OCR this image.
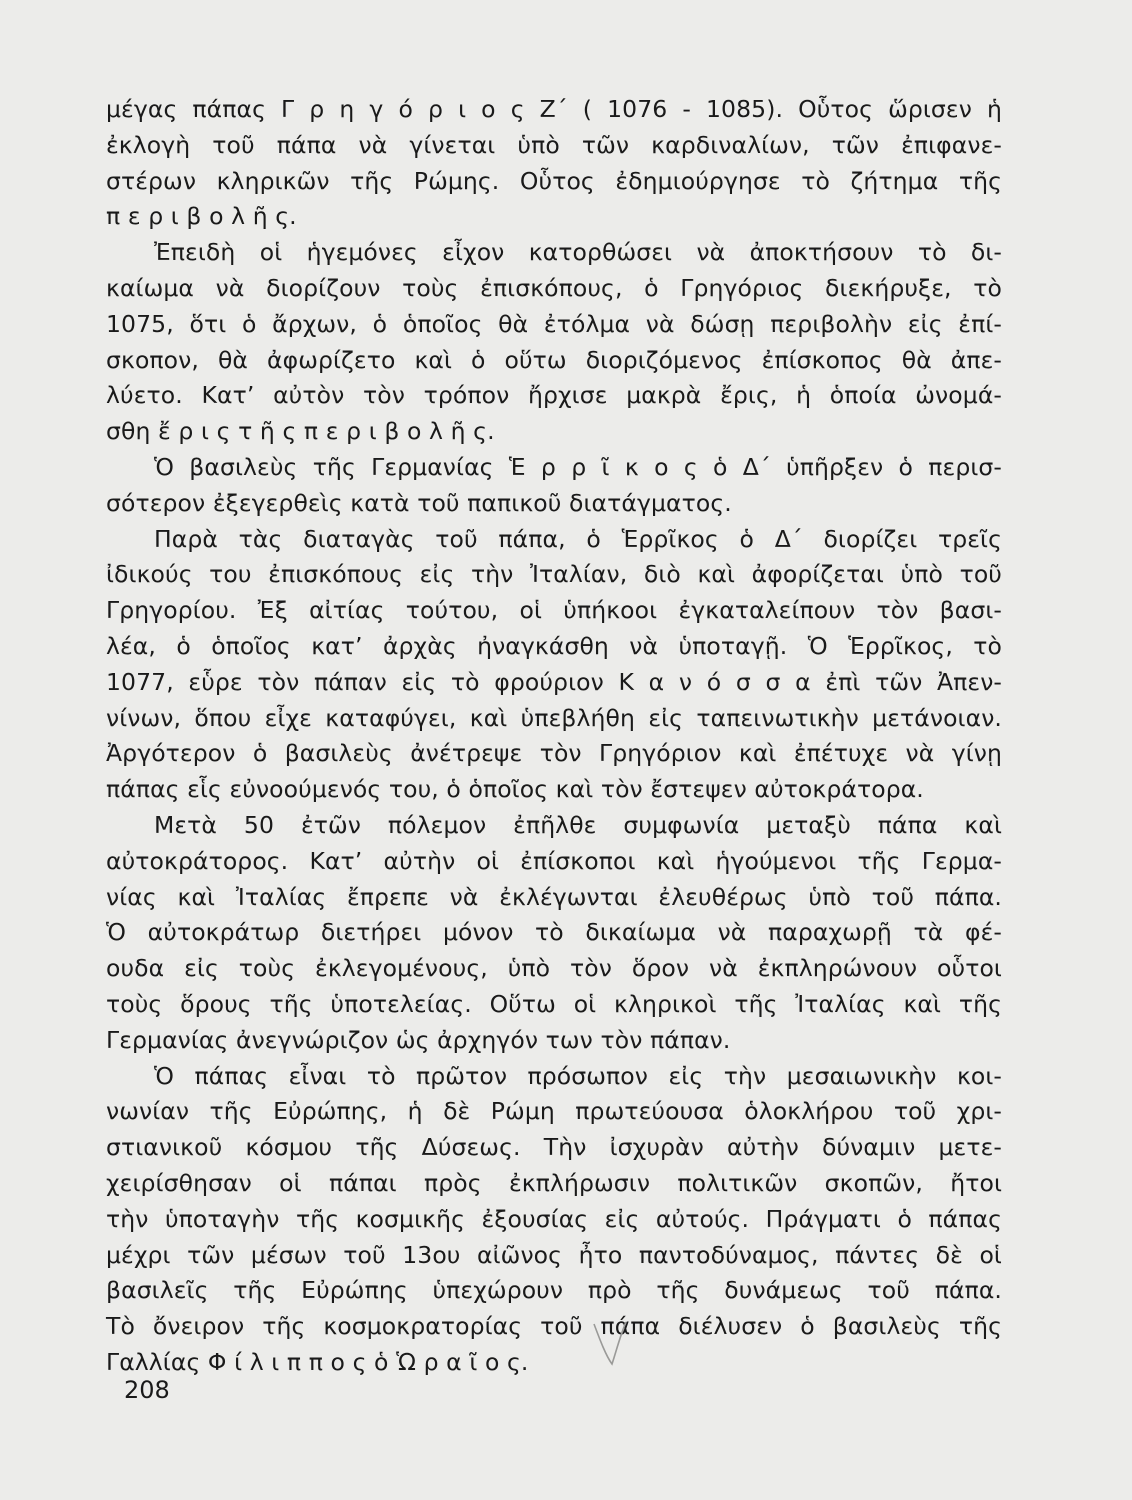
μέγας πάπας Γ ρ η γ ό ρ ι ο ς Ζ΄ ( 1076 - 1085). Οὗτος ὥρισεν ἡ
ἐκλογὴ τοῦ πάπα νὰ γίνεται ὑπὸ τῶν καρδιναλίων, τῶν ἐπιφανε-
στέρων κληρικῶν τῆς Ρώμης. Οὗτος ἐδημιούργησε τὸ ζήτημα τῆς
π ε ρ ι β ο λ ῆ ς.
Ἐπειδὴ οἱ ἡγεμόνες εἶχον κατορθώσει νὰ ἀποκτήσουν τὸ δι-
καίωμα νὰ διορίζουν τοὺς ἐπισκόπους, ὁ Γρηγόριος διεκήρυξε, τὸ
1075, ὅτι ὁ ἄρχων, ὁ ὁποῖος θὰ ἐτόλμα νὰ δώσῃ περιβολὴν εἰς ἐπί-
σκοπον, θὰ ἀφωρίζετο καὶ ὁ οὕτω διοριζόμενος ἐπίσκοπος θὰ ἀπε-
λύετο. Κατ’ αὐτὸν τὸν τρόπον ἤρχισε μακρὰ ἔρις, ἡ ὁποία ὠνομά-
σθη ἔ ρ ι ς τ ῆ ς π ε ρ ι β ο λ ῆ ς.
Ὁ βασιλεὺς τῆς Γερμανίας Ἑ ρ ρ ῖ κ ο ς ὁ Δ΄ ὑπῆρξεν ὁ περισ-
σότερον ἐξεγερθεὶς κατὰ τοῦ παπικοῦ διατάγματος.
Παρὰ τὰς διαταγὰς τοῦ πάπα, ὁ Ἑρρῖκος ὁ Δ΄ διορίζει τρεῖς
ἰδικούς του ἐπισκόπους εἰς τὴν Ἰταλίαν, διὸ καὶ ἀφορίζεται ὑπὸ τοῦ
Γρηγορίου. Ἐξ αἰτίας τούτου, οἱ ὑπήκοοι ἐγκαταλείπουν τὸν βασι-
λέα, ὁ ὁποῖος κατ’ ἀρχὰς ἠναγκάσθη νὰ ὑποταγῇ. Ὁ Ἑρρῖκος, τὸ
1077, εὗρε τὸν πάπαν εἰς τὸ φρούριον Κ α ν ό σ σ α ἐπὶ τῶν Ἀπεν-
νίνων, ὅπου εἶχε καταφύγει, καὶ ὑπεβλήθη εἰς ταπεινωτικὴν μετάνοιαν.
Ἀργότερον ὁ βασιλεὺς ἀνέτρεψε τὸν Γρηγόριον καὶ ἐπέτυχε νὰ γίνῃ
πάπας εἷς εὐνοούμενός του, ὁ ὁποῖος καὶ τὸν ἔστεψεν αὐτοκράτορα.
Μετὰ 50 ἐτῶν πόλεμον ἐπῆλθε συμφωνία μεταξὺ πάπα καὶ
αὐτοκράτορος. Κατ’ αὐτὴν οἱ ἐπίσκοποι καὶ ἡγούμενοι τῆς Γερμα-
νίας καὶ Ἰταλίας ἔπρεπε νὰ ἐκλέγωνται ἐλευθέρως ὑπὸ τοῦ πάπα.
Ὁ αὐτοκράτωρ διετήρει μόνον τὸ δικαίωμα νὰ παραχωρῇ τὰ φέ-
ουδα εἰς τοὺς ἐκλεγομένους, ὑπὸ τὸν ὅρον νὰ ἐκπληρώνουν οὗτοι
τοὺς ὅρους τῆς ὑποτελείας. Οὕτω οἱ κληρικοὶ τῆς Ἰταλίας καὶ τῆς
Γερμανίας ἀνεγνώριζον ὡς ἀρχηγόν των τὸν πάπαν.
Ὁ πάπας εἶναι τὸ πρῶτον πρόσωπον εἰς τὴν μεσαιωνικὴν κοι-
νωνίαν τῆς Εὐρώπης, ἡ δὲ Ρώμη πρωτεύουσα ὁλοκλήρου τοῦ χρι-
στιανικοῦ κόσμου τῆς Δύσεως. Τὴν ἰσχυρὰν αὐτὴν δύναμιν μετε-
χειρίσθησαν οἱ πάπαι πρὸς ἐκπλήρωσιν πολιτικῶν σκοπῶν, ἤτοι
τὴν ὑποταγὴν τῆς κοσμικῆς ἐξουσίας εἰς αὐτούς. Πράγματι ὁ πάπας
μέχρι τῶν μέσων τοῦ 13ου αἰῶνος ἦτο παντοδύναμος, πάντες δὲ οἱ
βασιλεῖς τῆς Εὐρώπης ὑπεχώρουν πρὸ τῆς δυνάμεως τοῦ πάπα.
Τὸ ὄνειρον τῆς κοσμοκρατορίας τοῦ πάπα διέλυσεν ὁ βασιλεὺς τῆς
Γαλλίας Φ ί λ ι π π ο ς ὁ Ὡ ρ α ῖ ο ς.
208
